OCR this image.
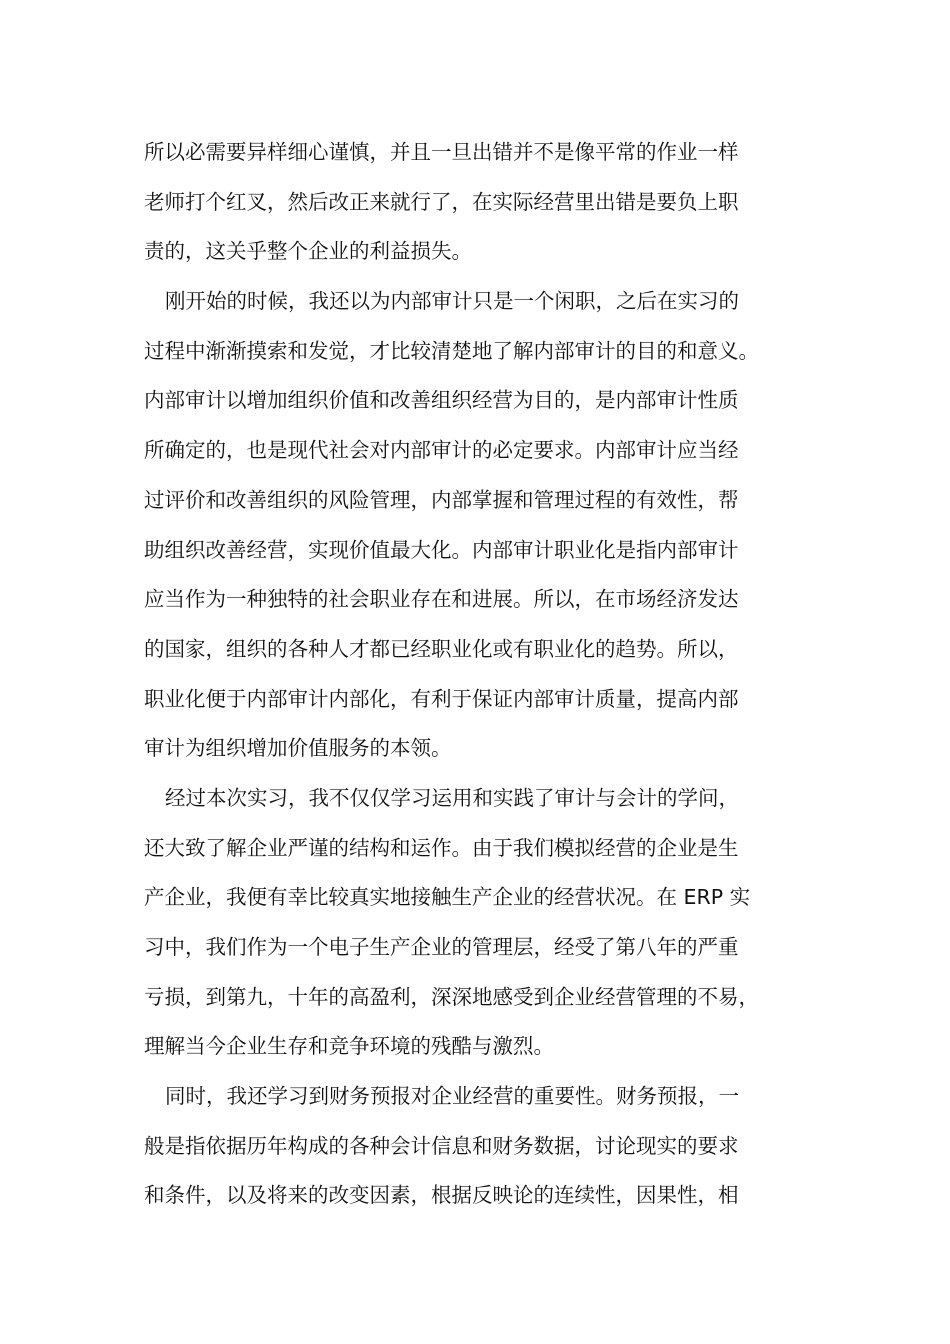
所以必需要异样细心谨慎，并且一旦出错并不是像平常的作业一样
老师打个红叉，然后改正来就行了，在实际经营里出错是要负上职
责的，这关乎整个企业的利益损失。
刚开始的时候，我还以为内部审计只是一个闲职，之后在实习的
过程中渐渐摸索和发觉，才比较清楚地了解内部审计的目的和意义。
内部审计以增加组织价值和改善组织经营为目的，是内部审计性质
所确定的，也是现代社会对内部审计的必定要求。内部审计应当经
过评价和改善组织的风险管理，内部掌握和管理过程的有效性，帮
助组织改善经营，实现价值最大化。内部审计职业化是指内部审计
应当作为一种独特的社会职业存在和进展。所以，在市场经济发达
的国家，组织的各种人才都已经职业化或有职业化的趋势。所以，
职业化便于内部审计内部化，有利于保证内部审计质量，提高内部
审计为组织增加价值服务的本领。
经过本次实习，我不仅仅学习运用和实践了审计与会计的学问，
还大致了解企业严谨的结构和运作。由于我们模拟经营的企业是生
产企业，我便有幸比较真实地接触生产企业的经营状况。在 ERP 实
习中，我们作为一个电子生产企业的管理层，经受了第八年的严重
亏损，到第九，十年的高盈利，深深地感受到企业经营管理的不易，
理解当今企业生存和竞争环境的残酷与激烈。
同时，我还学习到财务预报对企业经营的重要性。财务预报，一
般是指依据历年构成的各种会计信息和财务数据，讨论现实的要求
和条件，以及将来的改变因素，根据反映论的连续性，因果性，相
